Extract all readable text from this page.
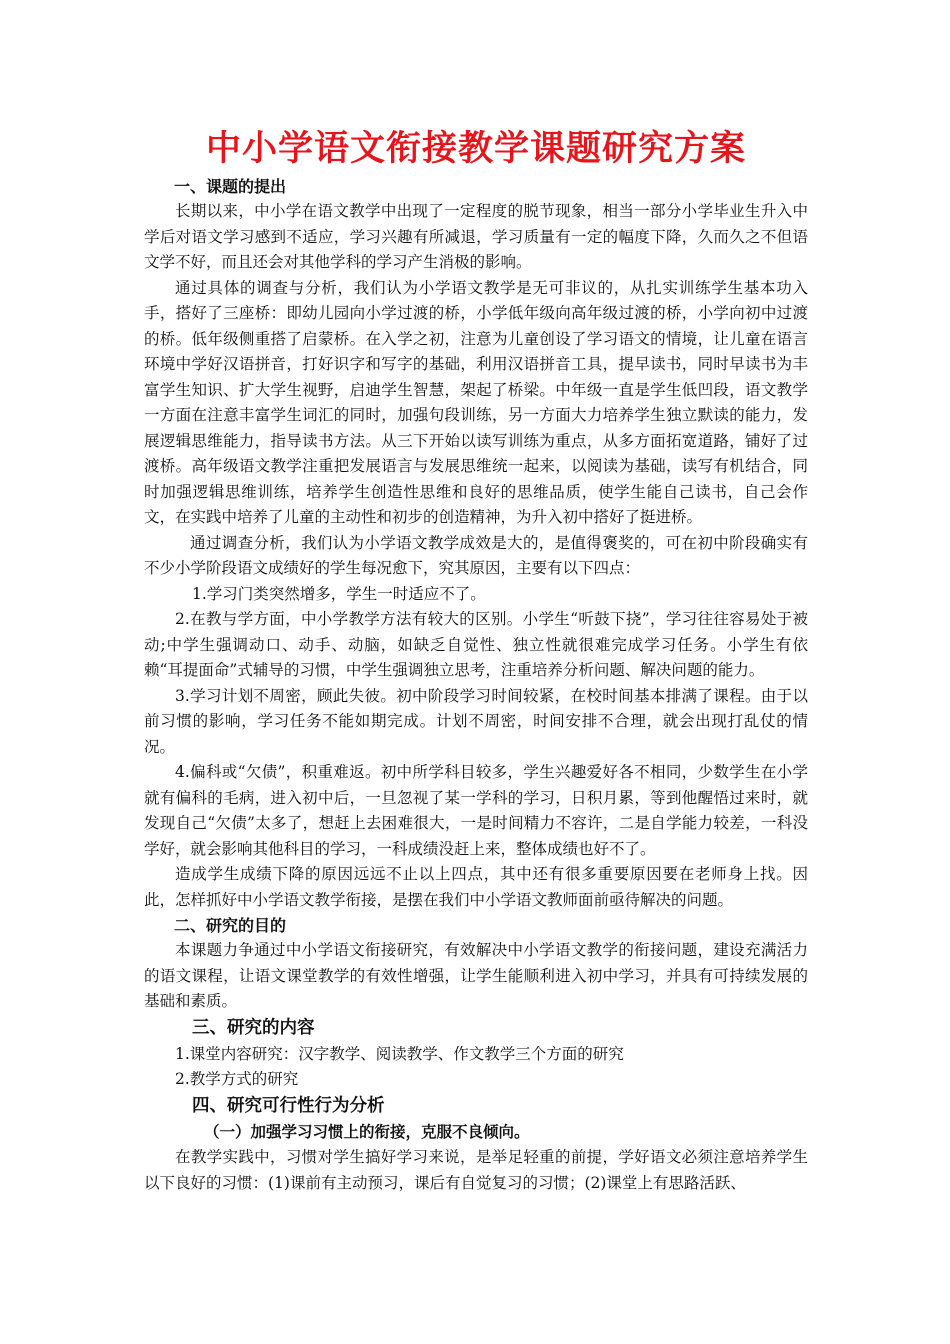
中小学语文衔接教学课题研究方案
一、课题的提出

长期以来，中小学在语文教学中出现了一定程度的脱节现象，相当一部分小学毕业生升入中学后对语文学习感到不适应，学习兴趣有所减退，学习质量有一定的幅度下降，久而久之不但语文学不好，而且还会对其他学科的学习产生消极的影响。

通过具体的调查与分析，我们认为小学语文教学是无可非议的，从扎实训练学生基本功入手，搭好了三座桥：即幼儿园向小学过渡的桥，小学低年级向高年级过渡的桥，小学向初中过渡的桥。低年级侧重搭了启蒙桥。在入学之初，注意为儿童创设了学习语文的情境，让儿童在语言环境中学好汉语拼音，打好识字和写字的基础，利用汉语拼音工具，提早读书，同时早读书为丰富学生知识、扩大学生视野，启迪学生智慧，架起了桥梁。中年级一直是学生低凹段，语文教学一方面在注意丰富学生词汇的同时，加强句段训练，另一方面大力培养学生独立默读的能力，发展逻辑思维能力，指导读书方法。从三下开始以读写训练为重点，从多方面拓宽道路，铺好了过渡桥。高年级语文教学注重把发展语言与发展思维统一起来，以阅读为基础，读写有机结合，同时加强逻辑思维训练，培养学生创造性思维和良好的思维品质，使学生能自己读书，自己会作文，在实践中培养了儿童的主动性和初步的创造精神，为升入初中搭好了挺进桥。

通过调查分析，我们认为小学语文教学成效是大的，是值得褒奖的，可在初中阶段确实有不少小学阶段语文成绩好的学生每况愈下，究其原因，主要有以下四点：

1.学习门类突然增多，学生一时适应不了。

2.在教与学方面，中小学教学方法有较大的区别。小学生“听鼓下挠”，学习往往容易处于被动;中学生强调动口、动手、动脑，如缺乏自觉性、独立性就很难完成学习任务。小学生有依赖“耳提面命”式辅导的习惯，中学生强调独立思考，注重培养分析问题、解决问题的能力。

3.学习计划不周密，顾此失彼。初中阶段学习时间较紧，在校时间基本排满了课程。由于以前习惯的影响，学习任务不能如期完成。计划不周密，时间安排不合理，就会出现打乱仗的情况。

4.偏科或“欠债”，积重难返。初中所学科目较多，学生兴趣爱好各不相同，少数学生在小学就有偏科的毛病，进入初中后，一旦忽视了某一学科的学习，日积月累，等到他醒悟过来时，就发现自己“欠债”太多了，想赶上去困难很大，一是时间精力不容许，二是自学能力较差，一科没学好，就会影响其他科目的学习，一科成绩没赶上来，整体成绩也好不了。

造成学生成绩下降的原因远远不止以上四点，其中还有很多重要原因要在老师身上找。因此，怎样抓好中小学语文教学衔接，是摆在我们中小学语文教师面前亟待解决的问题。

二、研究的目的

本课题力争通过中小学语文衔接研究，有效解决中小学语文教学的衔接问题，建设充满活力的语文课程，让语文课堂教学的有效性增强，让学生能顺利进入初中学习，并具有可持续发展的基础和素质。

三、研究的内容

1.课堂内容研究：汉字教学、阅读教学、作文教学三个方面的研究

2.教学方式的研究

四、研究可行性行为分析
（一）加强学习习惯上的衔接，克服不良倾向。

在教学实践中，习惯对学生搞好学习来说，是举足轻重的前提，学好语文必须注意培养学生以下良好的习惯：(1)课前有主动预习，课后有自觉复习的习惯；(2)课堂上有思路活跃、
